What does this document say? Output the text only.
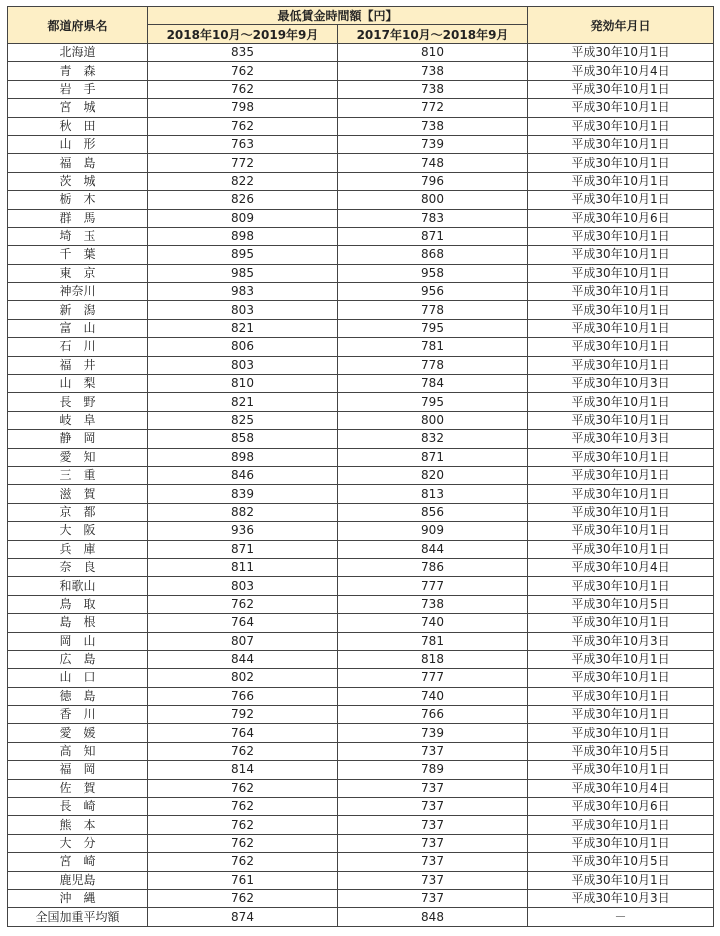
都道府県名	最低賃金時間額【円】		発効年月日
	2018年10月～2019年9月	2017年10月～2018年9月	
北海道	835	810	平成30年10月1日
青　森	762	738	平成30年10月4日
岩　手	762	738	平成30年10月1日
宮　城	798	772	平成30年10月1日
秋　田	762	738	平成30年10月1日
山　形	763	739	平成30年10月1日
福　島	772	748	平成30年10月1日
茨　城	822	796	平成30年10月1日
栃　木	826	800	平成30年10月1日
群　馬	809	783	平成30年10月6日
埼　玉	898	871	平成30年10月1日
千　葉	895	868	平成30年10月1日
東　京	985	958	平成30年10月1日
神奈川	983	956	平成30年10月1日
新　潟	803	778	平成30年10月1日
富　山	821	795	平成30年10月1日
石　川	806	781	平成30年10月1日
福　井	803	778	平成30年10月1日
山　梨	810	784	平成30年10月3日
長　野	821	795	平成30年10月1日
岐　阜	825	800	平成30年10月1日
静　岡	858	832	平成30年10月3日
愛　知	898	871	平成30年10月1日
三　重	846	820	平成30年10月1日
滋　賀	839	813	平成30年10月1日
京　都	882	856	平成30年10月1日
大　阪	936	909	平成30年10月1日
兵　庫	871	844	平成30年10月1日
奈　良	811	786	平成30年10月4日
和歌山	803	777	平成30年10月1日
鳥　取	762	738	平成30年10月5日
島　根	764	740	平成30年10月1日
岡　山	807	781	平成30年10月3日
広　島	844	818	平成30年10月1日
山　口	802	777	平成30年10月1日
徳　島	766	740	平成30年10月1日
香　川	792	766	平成30年10月1日
愛　媛	764	739	平成30年10月1日
高　知	762	737	平成30年10月5日
福　岡	814	789	平成30年10月1日
佐　賀	762	737	平成30年10月4日
長　崎	762	737	平成30年10月6日
熊　本	762	737	平成30年10月1日
大　分	762	737	平成30年10月1日
宮　崎	762	737	平成30年10月5日
鹿児島	761	737	平成30年10月1日
沖　縄	762	737	平成30年10月3日
全国加重平均額	874	848	－
